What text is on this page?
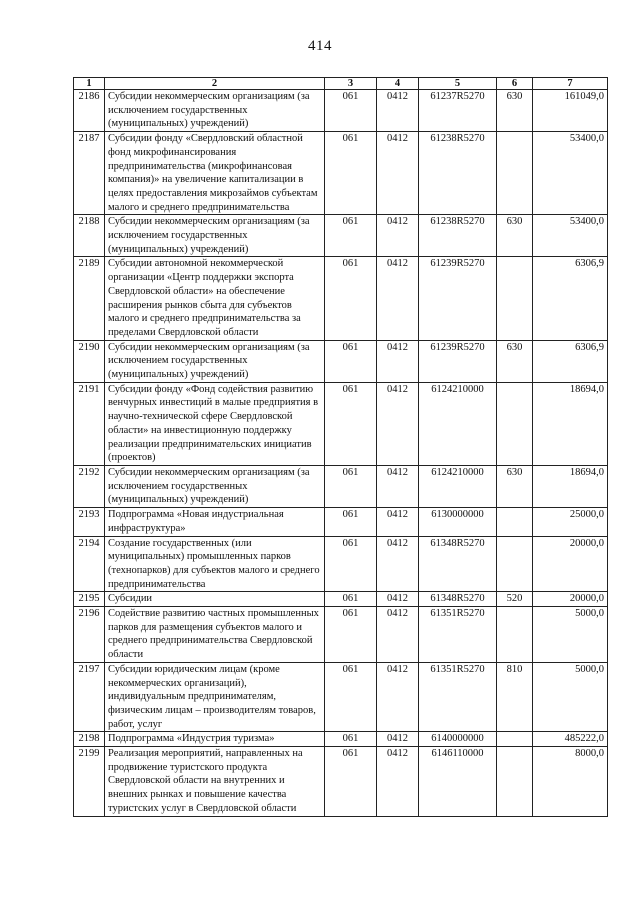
414
1	2	3	4	5	6	7
2186	Субсидии некоммерческим организациям (за исключением государственных (муниципальных) учреждений)	061	0412	61237R5270	630	161049,0
2187	Субсидии фонду «Свердловский областной фонд микрофинансирования предпринимательства (микрофинансовая компания)» на увеличение капитализации в целях предоставления микрозаймов субъектам малого и среднего предпринимательства	061	0412	61238R5270		53400,0
2188	Субсидии некоммерческим организациям (за исключением государственных (муниципальных) учреждений)	061	0412	61238R5270	630	53400,0
2189	Субсидии автономной некоммерческой организации «Центр поддержки экспорта Свердловской области» на обеспечение расширения рынков сбыта для субъектов малого и среднего предпринимательства за пределами Свердловской области	061	0412	61239R5270		6306,9
2190	Субсидии некоммерческим организациям (за исключением государственных (муниципальных) учреждений)	061	0412	61239R5270	630	6306,9
2191	Субсидии фонду «Фонд содействия развитию венчурных инвестиций в малые предприятия в научно-технической сфере Свердловской области» на инвестиционную поддержку реализации предпринимательских инициатив (проектов)	061	0412	6124210000		18694,0
2192	Субсидии некоммерческим организациям (за исключением государственных (муниципальных) учреждений)	061	0412	6124210000	630	18694,0
2193	Подпрограмма «Новая индустриальная инфраструктура»	061	0412	6130000000		25000,0
2194	Создание государственных (или муниципальных) промышленных парков (технопарков) для субъектов малого и среднего предпринимательства	061	0412	61348R5270		20000,0
2195	Субсидии	061	0412	61348R5270	520	20000,0
2196	Содействие развитию частных промышленных парков для размещения субъектов малого и среднего предпринимательства Свердловской области	061	0412	61351R5270		5000,0
2197	Субсидии юридическим лицам (кроме некоммерческих организаций), индивидуальным предпринимателям, физическим лицам – производителям товаров, работ, услуг	061	0412	61351R5270	810	5000,0
2198	Подпрограмма «Индустрия туризма»	061	0412	6140000000		485222,0
2199	Реализация мероприятий, направленных на продвижение туристского продукта Свердловской области на внутренних и внешних рынках и повышение качества туристских услуг в Свердловской области	061	0412	6146110000		8000,0
